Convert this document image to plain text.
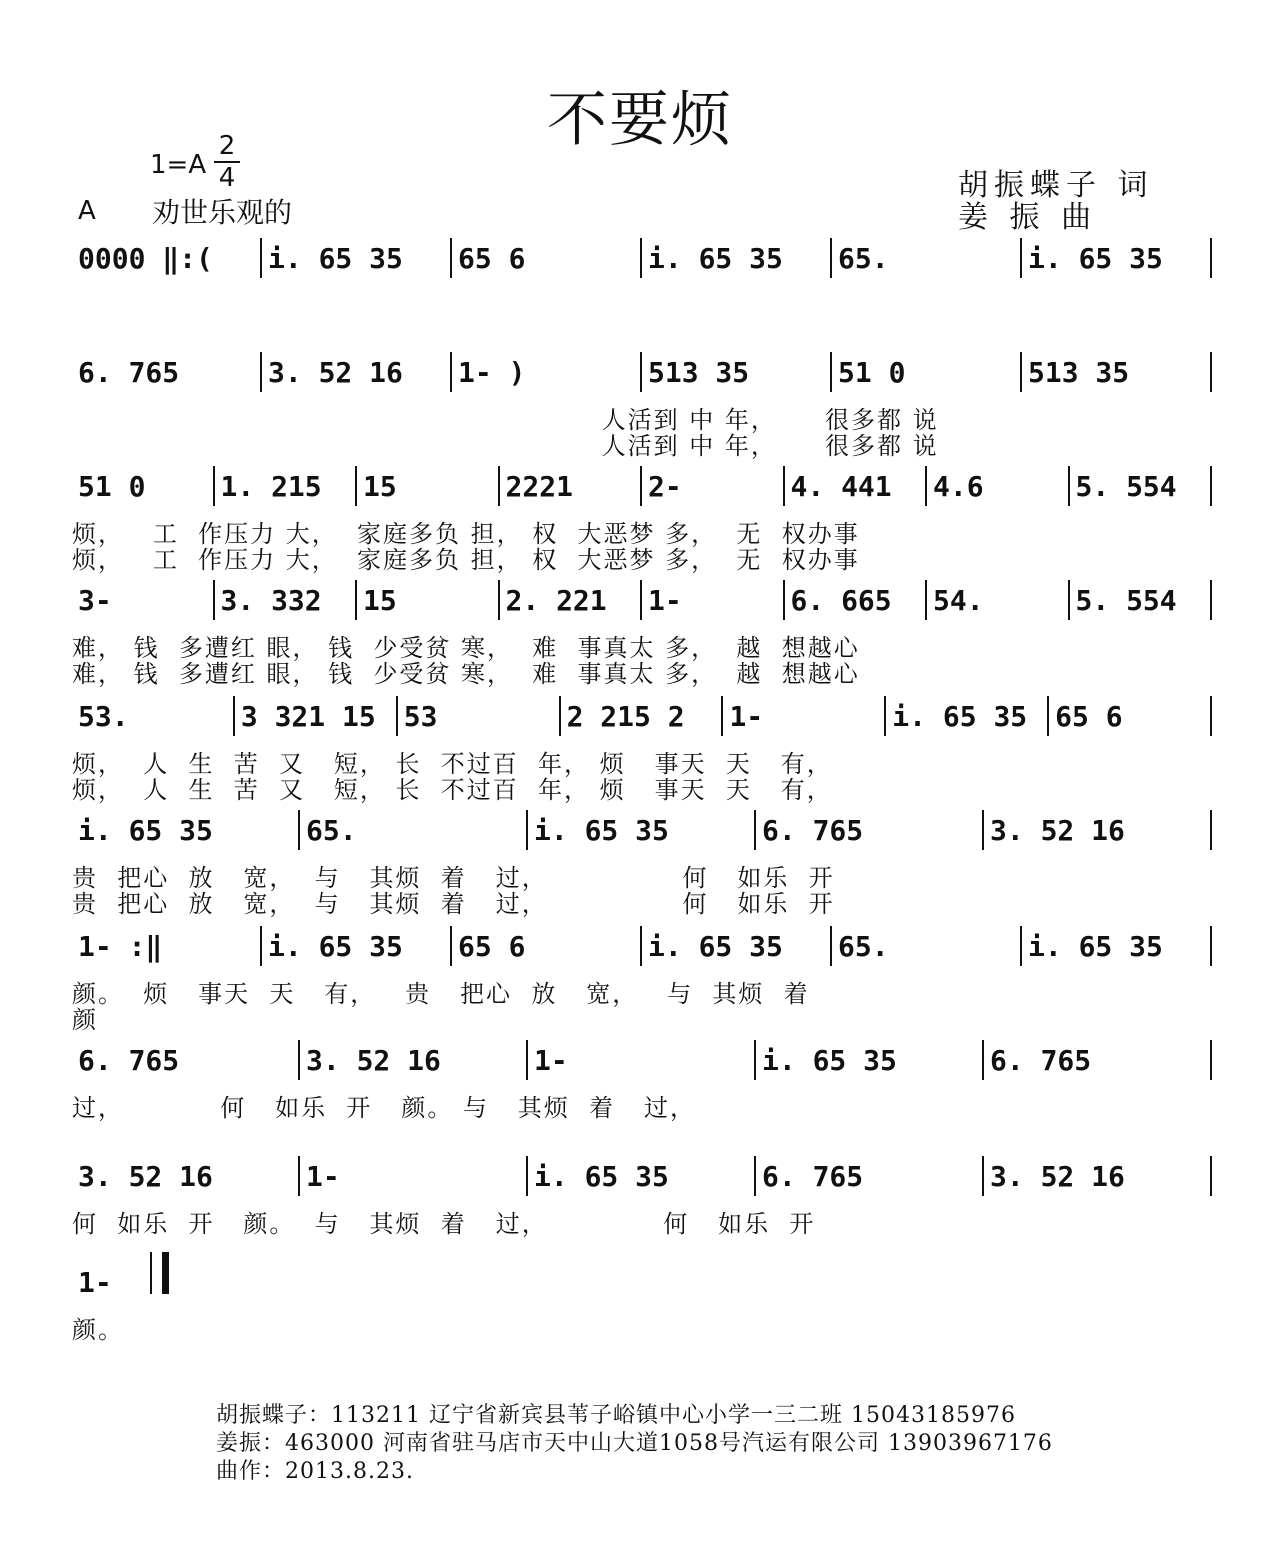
不要烦
1=A
2
4
A 劝世乐观的
胡振蝶子 词
姜 振 曲
0000 ‖:(	i. 65 35	65 6	i. 65 35	65.	i. 65 35
6. 765	3. 52 16	1- )	513 35	51 0	513 35
人活到 中 年，     很多都 说
人活到 中 年，     很多都 说
51 0	1. 215	15	2221	2-	4. 441	4.6	5. 554
烦，   工  作压力 大，  家庭多负 担， 权  大恶梦 多，  无  权办事
烦，   工  作压力 大，  家庭多负 担， 权  大恶梦 多，  无  权办事
3-	3. 332	15	2. 221	1-	6. 665	54.	5. 554
难， 钱  多遭红 眼， 钱  少受贫 寒，  难  事真太 多，  越  想越心
难， 钱  多遭红 眼， 钱  少受贫 寒，  难  事真太 多，  越  想越心
53.	3 321 15	53	2 215 2	1-	i. 65 35	65 6
烦，  人  生  苦  又   短， 长  不过百  年， 烦   事天  天   有，
烦，  人  生  苦  又   短， 长  不过百  年， 烦   事天  天   有，
i. 65 35	65.	i. 65 35	6. 765	3. 52 16
贵  把心  放   宽，  与   其烦  着   过，              何   如乐  开
贵  把心  放   宽，  与   其烦  着   过，              何   如乐  开
1- :‖	i. 65 35	65 6	i. 65 35	65.	i. 65 35
颜。  烦   事天  天   有，   贵   把心  放   宽，   与  其烦  着
颜
6. 765	3. 52 16	1-	i. 65 35	6. 765
过，          何   如乐  开   颜。 与   其烦  着   过，
3. 52 16	1-	i. 65 35	6. 765	3. 52 16
何  如乐  开   颜。  与   其烦  着   过，            何   如乐  开
1-
颜。
胡振蝶子：113211 辽宁省新宾县苇子峪镇中心小学一三二班 15043185976
姜振：463000 河南省驻马店市天中山大道1058号汽运有限公司 13903967176
曲作：2013.8.23.
